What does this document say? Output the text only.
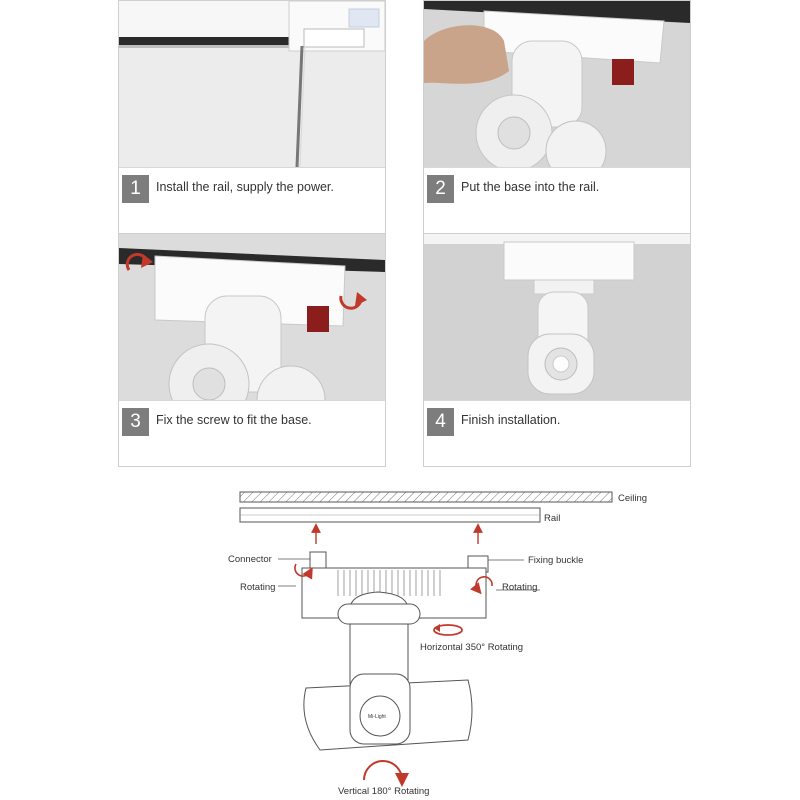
1	Install the rail, supply the power.	2	Put the base into the rail.
3	Fix the screw to fit the base.	4	Finish installation.
Ceiling
Rail
Connector	Fixing buckle
Rotating	Rotating
Horizontal 350° Rotating
Mi-Light
Vertical 180° Rotating
